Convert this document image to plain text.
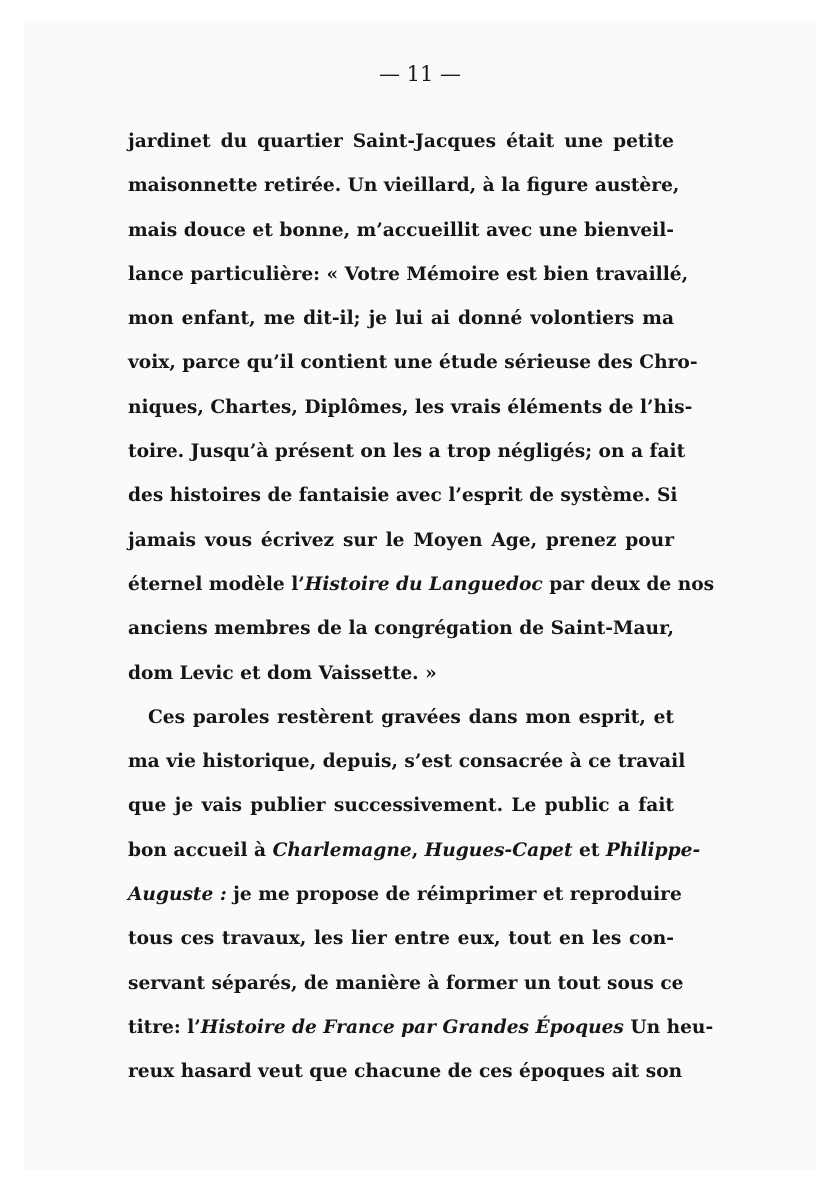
— 11 —
jardinet du quartier Saint-Jacques était une petite
maisonnette retirée. Un vieillard, à la figure austère,
mais douce et bonne, m’accueillit avec une bienveil-
lance particulière: « Votre Mémoire est bien travaillé,
mon enfant, me dit-il; je lui ai donné volontiers ma
voix, parce qu’il contient une étude sérieuse des Chro-
niques, Chartes, Diplômes, les vrais éléments de l’his-
toire. Jusqu’à présent on les a trop négligés; on a fait
des histoires de fantaisie avec l’esprit de système. Si
jamais vous écrivez sur le Moyen Age, prenez pour
éternel modèle l’Histoire du Languedoc par deux de nos
anciens membres de la congrégation de Saint-Maur,
dom Levic et dom Vaissette. »
Ces paroles restèrent gravées dans mon esprit, et
ma vie historique, depuis, s’est consacrée à ce travail
que je vais publier successivement. Le public a fait
bon accueil à Charlemagne, Hugues-Capet et Philippe-
Auguste : je me propose de réimprimer et reproduire
tous ces travaux, les lier entre eux, tout en les con-
servant séparés, de manière à former un tout sous ce
titre: l’Histoire de France par Grandes Époques Un heu-
reux hasard veut que chacune de ces époques ait son
